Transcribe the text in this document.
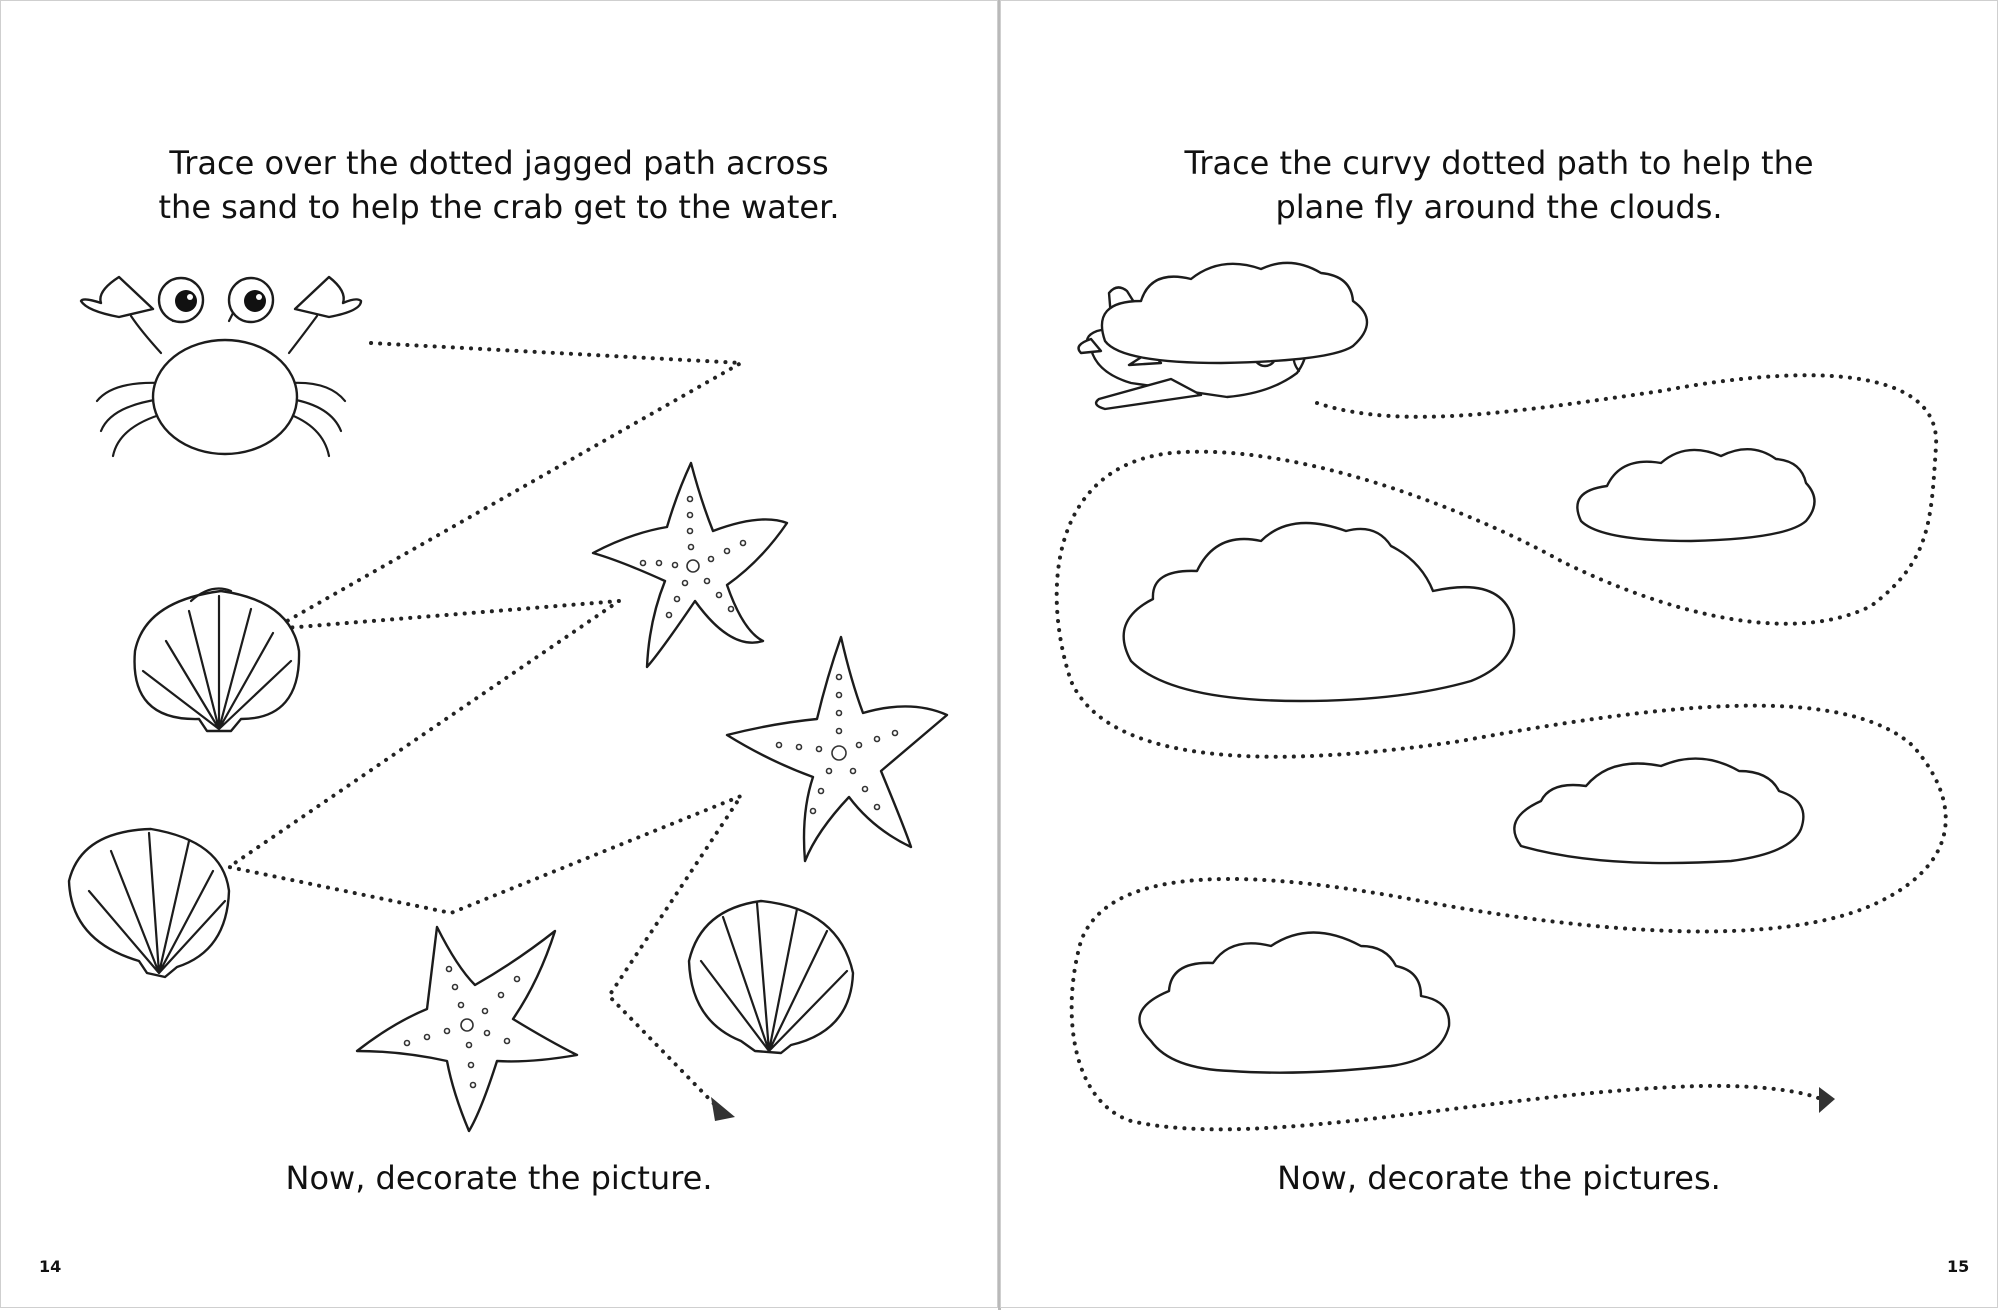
Trace over the dotted jagged path across
the sand to help the crab get to the water.
Now, decorate the picture.
14
Trace the curvy dotted path to help the
plane fly around the clouds.
Now, decorate the pictures.
15
